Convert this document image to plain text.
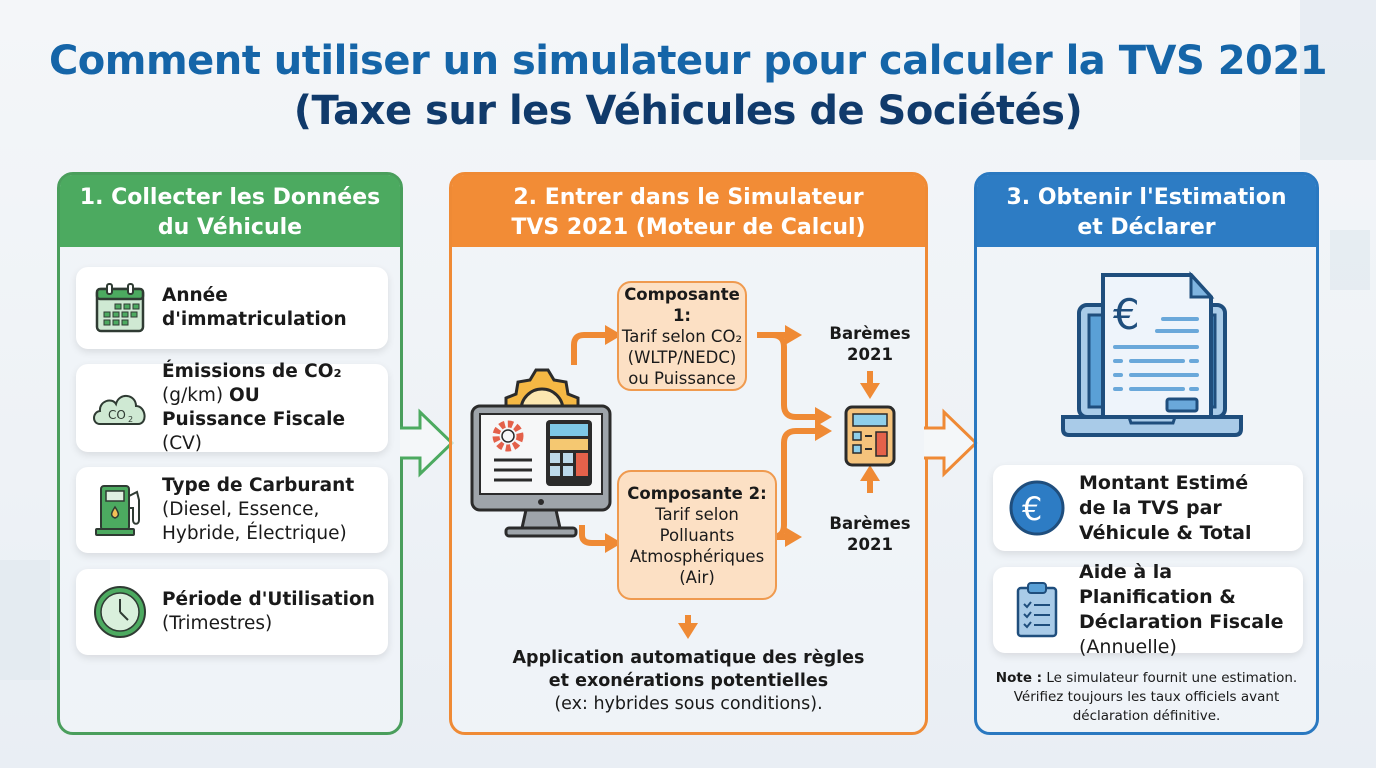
Comment utiliser un simulateur pour calculer la TVS 2021
(Taxe sur les Véhicules de Sociétés)
1. Collecter les Données
du Véhicule
Année d'immatriculation
CO 2
Émissions de CO₂
(g/km) OU
Puissance Fiscale (CV)
Type de Carburant
(Diesel, Essence, Hybride, Électrique)
Période d'Utilisation
(Trimestres)
2. Entrer dans le Simulateur
TVS 2021 (Moteur de Calcul)
Composante 1:
Tarif selon CO₂
(WLTP/NEDC)
ou Puissance
Composante 2:
Tarif selon
Polluants
Atmosphériques
(Air)
Barèmes
2021
Barèmes
2021
Application automatique des règles
et exonérations potentielles
(ex: hybrides sous conditions).
3. Obtenir l'Estimation
et Déclarer
€
€
Montant Estimé de la TVS par Véhicule & Total
Aide à la Planification & Déclaration Fiscale
(Annuelle)
Note : Le simulateur fournit une estimation. Vérifiez toujours les taux officiels avant déclaration définitive.
